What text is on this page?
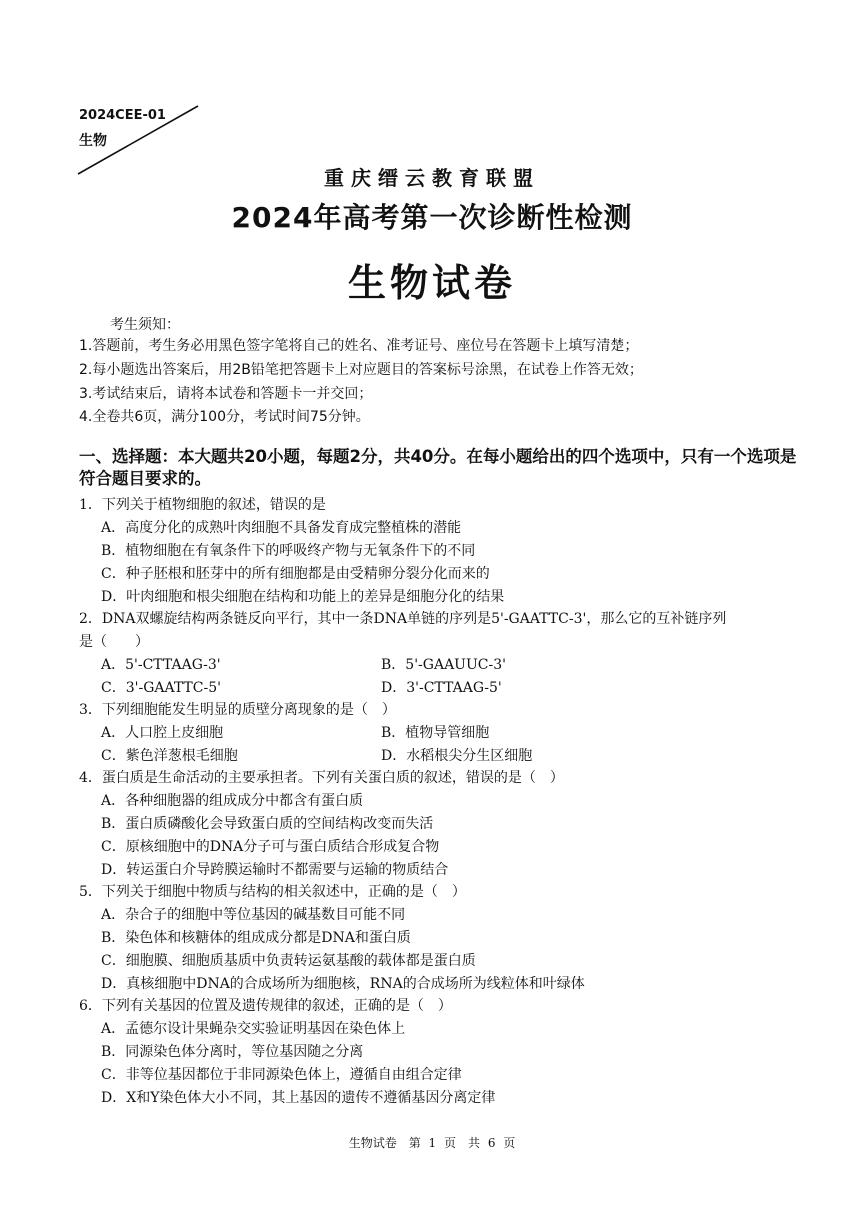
2024CEE-01
生物
重庆缙云教育联盟
2024年高考第一次诊断性检测
生物试卷
考生须知：
1.答题前，考生务必用黑色签字笔将自己的姓名、准考证号、座位号在答题卡上填写清楚；
2.每小题选出答案后，用2B铅笔把答题卡上对应题目的答案标号涂黑，在试卷上作答无效；
3.考试结束后，请将本试卷和答题卡一并交回；
4.全卷共6页，满分100分，考试时间75分钟。
一、选择题：本大题共20小题，每题2分，共40分。在每小题给出的四个选项中，只有一个选项是符合题目要求的。
1．下列关于植物细胞的叙述，错误的是
A．高度分化的成熟叶肉细胞不具备发育成完整植株的潜能
B．植物细胞在有氧条件下的呼吸终产物与无氧条件下的不同
C．种子胚根和胚芽中的所有细胞都是由受精卵分裂分化而来的
D．叶肉细胞和根尖细胞在结构和功能上的差异是细胞分化的结果
2．DNA双螺旋结构两条链反向平行，其中一条DNA单链的序列是5'-GAATTC-3'，那么它的互补链序列
是（　　）
A．5'-CTTAAG-3'	B．5'-GAAUUC-3'
C．3'-GAATTC-5'	D．3'-CTTAAG-5'
3．下列细胞能发生明显的质壁分离现象的是（　）
A．人口腔上皮细胞	B．植物导管细胞
C．紫色洋葱根毛细胞	D．水稻根尖分生区细胞
4．蛋白质是生命活动的主要承担者。下列有关蛋白质的叙述，错误的是（　）
A．各种细胞器的组成成分中都含有蛋白质
B．蛋白质磷酸化会导致蛋白质的空间结构改变而失活
C．原核细胞中的DNA分子可与蛋白质结合形成复合物
D．转运蛋白介导跨膜运输时不都需要与运输的物质结合
5．下列关于细胞中物质与结构的相关叙述中，正确的是（　）
A．杂合子的细胞中等位基因的碱基数目可能不同
B．染色体和核糖体的组成成分都是DNA和蛋白质
C．细胞膜、细胞质基质中负责转运氨基酸的载体都是蛋白质
D．真核细胞中DNA的合成场所为细胞核，RNA的合成场所为线粒体和叶绿体
6．下列有关基因的位置及遗传规律的叙述，正确的是（　）
A．孟德尔设计果蝇杂交实验证明基因在染色体上
B．同源染色体分离时，等位基因随之分离
C．非等位基因都位于非同源染色体上，遵循自由组合定律
D．X和Y染色体大小不同，其上基因的遗传不遵循基因分离定律
生物试卷　第 1 页　共 6 页
